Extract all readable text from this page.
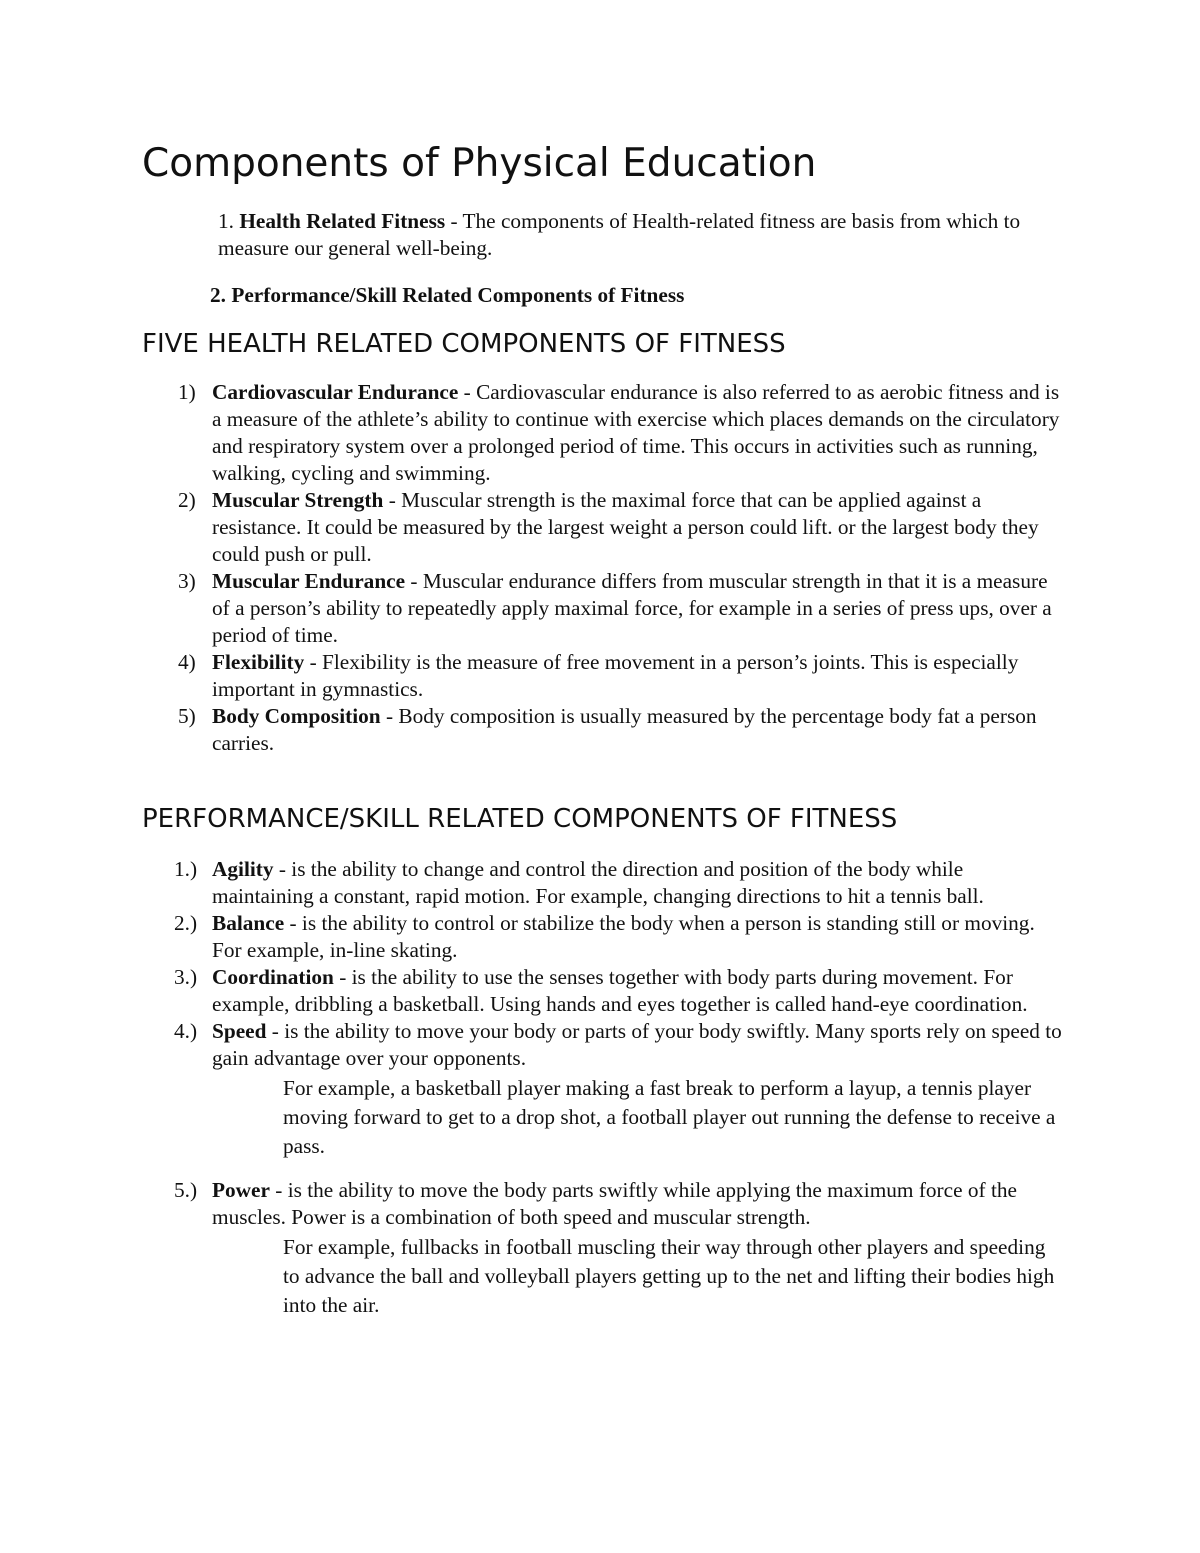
Components of Physical Education
1. Health Related Fitness - The components of Health-related fitness are basis from which to measure our general well-being.
2. Performance/Skill Related Components of Fitness
FIVE HEALTH RELATED COMPONENTS OF FITNESS
1) Cardiovascular Endurance - Cardiovascular endurance is also referred to as aerobic fitness and is a measure of the athlete’s ability to continue with exercise which places demands on the circulatory and respiratory system over a prolonged period of time. This occurs in activities such as running, walking, cycling and swimming.
2) Muscular Strength - Muscular strength is the maximal force that can be applied against a resistance. It could be measured by the largest weight a person could lift. or the largest body they could push or pull.
3) Muscular Endurance - Muscular endurance differs from muscular strength in that it is a measure of a person’s ability to repeatedly apply maximal force, for example in a series of press ups, over a period of time.
4) Flexibility - Flexibility is the measure of free movement in a person’s joints. This is especially important in gymnastics.
5) Body Composition - Body composition is usually measured by the percentage body fat a person carries.
PERFORMANCE/SKILL RELATED COMPONENTS OF FITNESS
1.) Agility - is the ability to change and control the direction and position of the body while maintaining a constant, rapid motion. For example, changing directions to hit a tennis ball.
2.) Balance - is the ability to control or stabilize the body when a person is standing still or moving. For example, in-line skating.
3.) Coordination - is the ability to use the senses together with body parts during movement. For example, dribbling a basketball. Using hands and eyes together is called hand-eye coordination.
4.) Speed - is the ability to move your body or parts of your body swiftly. Many sports rely on speed to gain advantage over your opponents.
For example, a basketball player making a fast break to perform a layup, a tennis player moving forward to get to a drop shot, a football player out running the defense to receive a pass.
5.) Power - is the ability to move the body parts swiftly while applying the maximum force of the muscles. Power is a combination of both speed and muscular strength.
For example, fullbacks in football muscling their way through other players and speeding to advance the ball and volleyball players getting up to the net and lifting their bodies high into the air.
